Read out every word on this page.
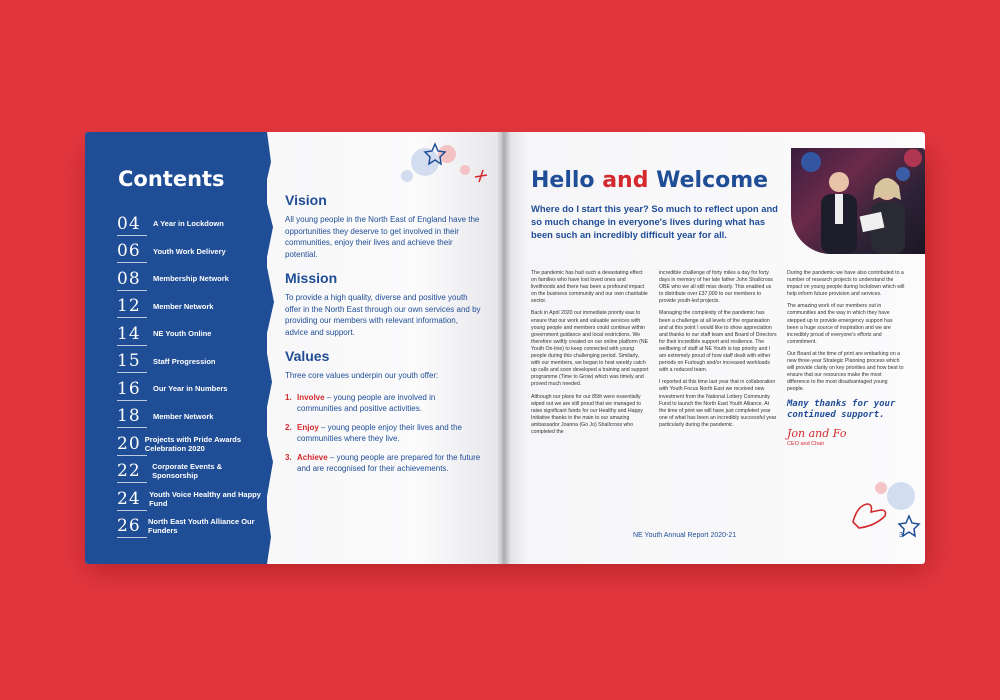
Contents
04	A Year in Lockdown
06	Youth Work Delivery
08	Membership Network
12	Member Network
14	NE Youth Online
15	Staff Progression
16	Our Year in Numbers
18	Member Network
20 Projects with Pride Awards Celebration 2020
22	Corporate Events & Sponsorship
24	Youth Voice Healthy and Happy Fund
26 North East Youth Alliance Our Funders
Vision

All young people in the North East of England have the opportunities they deserve to get involved in their communities, enjoy their lives and achieve their potential.

Mission

To provide a high quality, diverse and positive youth offer in the North East through our own services and by providing our members with relevant information, advice and support.

Values

Three core values underpin our youth offer:

1. Involve – young people are involved in communities and positive activities.
2. Enjoy – young people enjoy their lives and the communities where they live.
3. Achieve – young people are prepared for the future and are recognised for their achievements.
Hello and Welcome
Where do I start this year? So much to reflect upon and so much change in everyone's lives during what has been such an incredibly difficult year for all.

The pandemic has had such a devastating effect on families who have lost loved ones and livelihoods and there has been a profound impact on the business community and our own charitable sector.

Back in April 2020 our immediate priority was to ensure that our work and valuable services with young people and members could continue within government guidance and local restrictions. We therefore swiftly created on our online platform (NE Youth On-line) to keep connected with young people during this challenging period. Similarly, with our members, we began to host weekly catch up calls and soon developed a training and support programme (Time to Grow) which was timely and proved much needed.

Although our plans for our 85th were essentially wiped out we are still proud that we managed to raise significant funds for our Healthy and Happy Initiative thanks in the main to our amazing ambassador Joanna (Go Jo) Shallcross who completed the

incredible challenge of forty miles a day for forty days in memory of her late father John Shallcross OBE who we all still miss dearly. This enabled us to distribute over £37,000 to our members to provide youth-led projects.

Managing the complexity of the pandemic has been a challenge at all levels of the organisation and at this point I would like to show appreciation and thanks to our staff team and Board of Directors for their incredible support and resilience. The wellbeing of staff at NE Youth is top priority and I am extremely proud of how staff dealt with either periods on Furlough and/or increased workloads with a reduced team.

I reported at this time last year that in collaboration with Youth Focus North East we received new investment from the National Lottery Community Fund to launch the North East Youth Alliance. At the time of print we will have just completed year one of what has been an incredibly successful year particularly during the pandemic.

During the pandemic we have also contributed to a number of research projects to understand the impact on young people during lockdown which will help inform future provision and services.

The amazing work of our members out in communities and the way in which they have stepped up to provide emergency support has been a huge source of inspiration and we are incredibly proud of everyone's efforts and commitment.

Our Board at the time of print are embarking on a new three-year Strategic Planning process which will provide clarity on key priorities and how best to ensure that our resources make the most difference to the most disadvantaged young people.

Many thanks for your continued support.
Jon and Fo
CEO and Chair
NE Youth Annual Report 2020-21	3
